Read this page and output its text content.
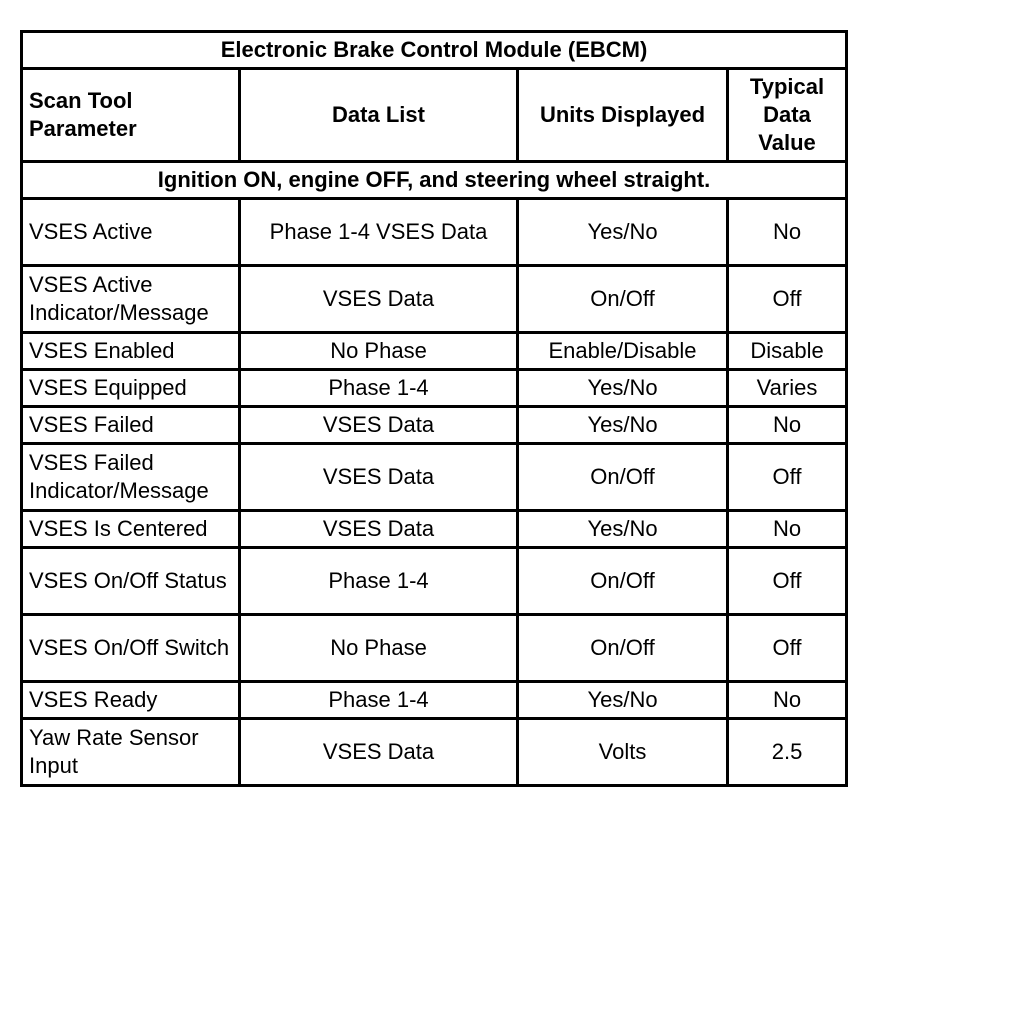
Electronic Brake Control Module (EBCM)			
Scan Tool Parameter	Data List	Units Displayed	Typical Data Value
Ignition ON, engine OFF, and steering wheel straight.			
VSES Active	Phase 1-4 VSES Data	Yes/No	No
VSES Active Indicator/Message	VSES Data	On/Off	Off
VSES Enabled	No Phase	Enable/Disable	Disable
VSES Equipped	Phase 1-4	Yes/No	Varies
VSES Failed	VSES Data	Yes/No	No
VSES Failed Indicator/Message	VSES Data	On/Off	Off
VSES Is Centered	VSES Data	Yes/No	No
VSES On/Off Status	Phase 1-4	On/Off	Off
VSES On/Off Switch	No Phase	On/Off	Off
VSES Ready	Phase 1-4	Yes/No	No
Yaw Rate Sensor Input	VSES Data	Volts	2.5
